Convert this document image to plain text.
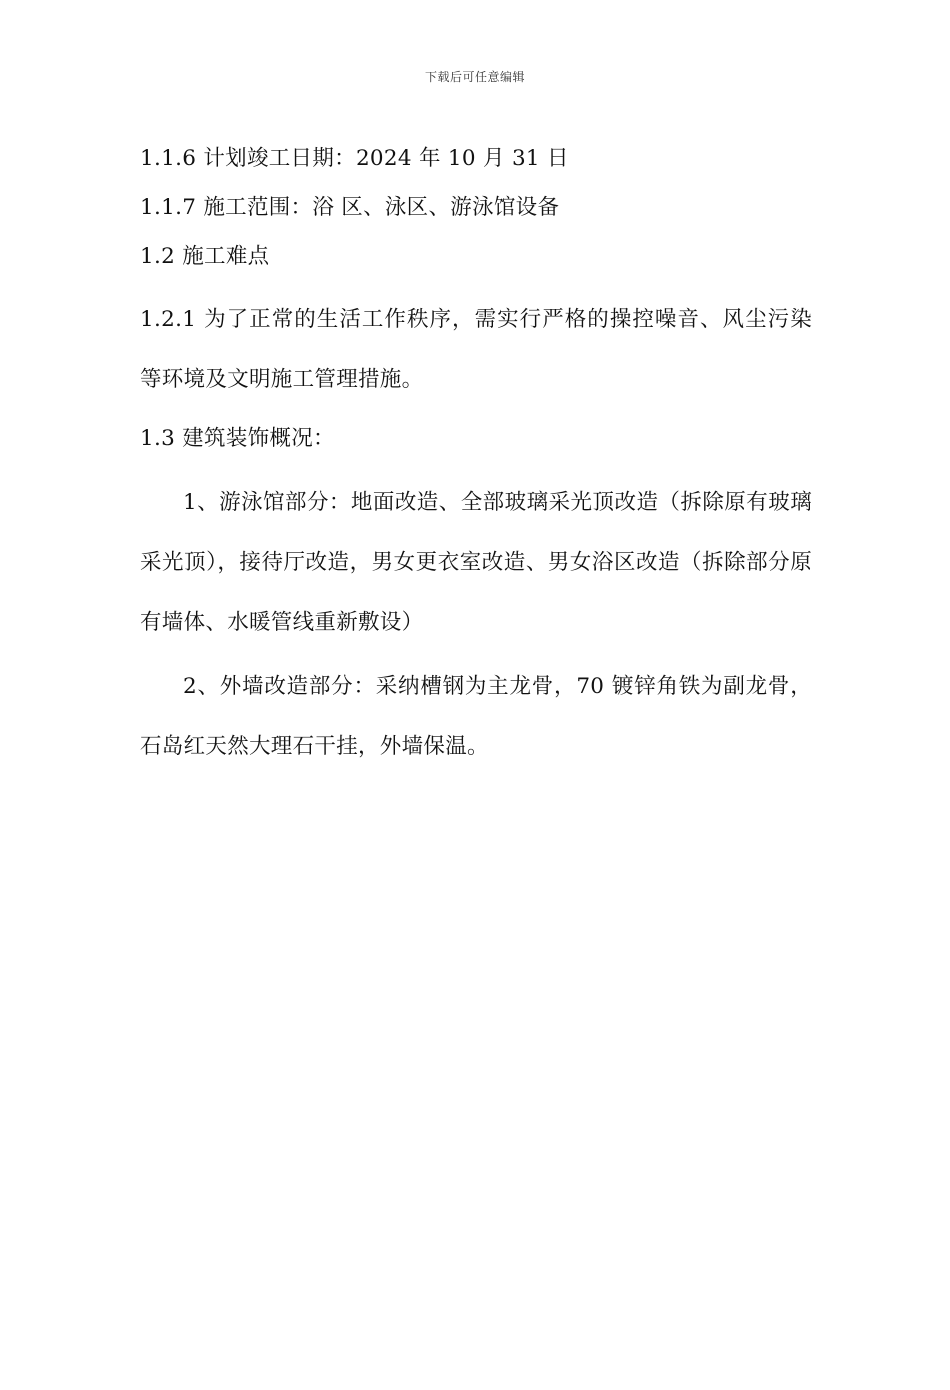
下载后可任意编辑
1.1.6 计划竣工日期：2024 年 10 月 31 日
1.1.7 施工范围：浴 区、泳区、游泳馆设备
1.2 施工难点
1.2.1 为了正常的生活工作秩序，需实行严格的操控噪音、风尘污染等环境及文明施工管理措施。
1.3 建筑装饰概况：
1、游泳馆部分：地面改造、全部玻璃采光顶改造（拆除原有玻璃采光顶），接待厅改造，男女更衣室改造、男女浴区改造（拆除部分原有墙体、水暖管线重新敷设）
2、外墙改造部分：采纳槽钢为主龙骨，70 镀锌角铁为副龙骨，石岛红天然大理石干挂，外墙保温。
